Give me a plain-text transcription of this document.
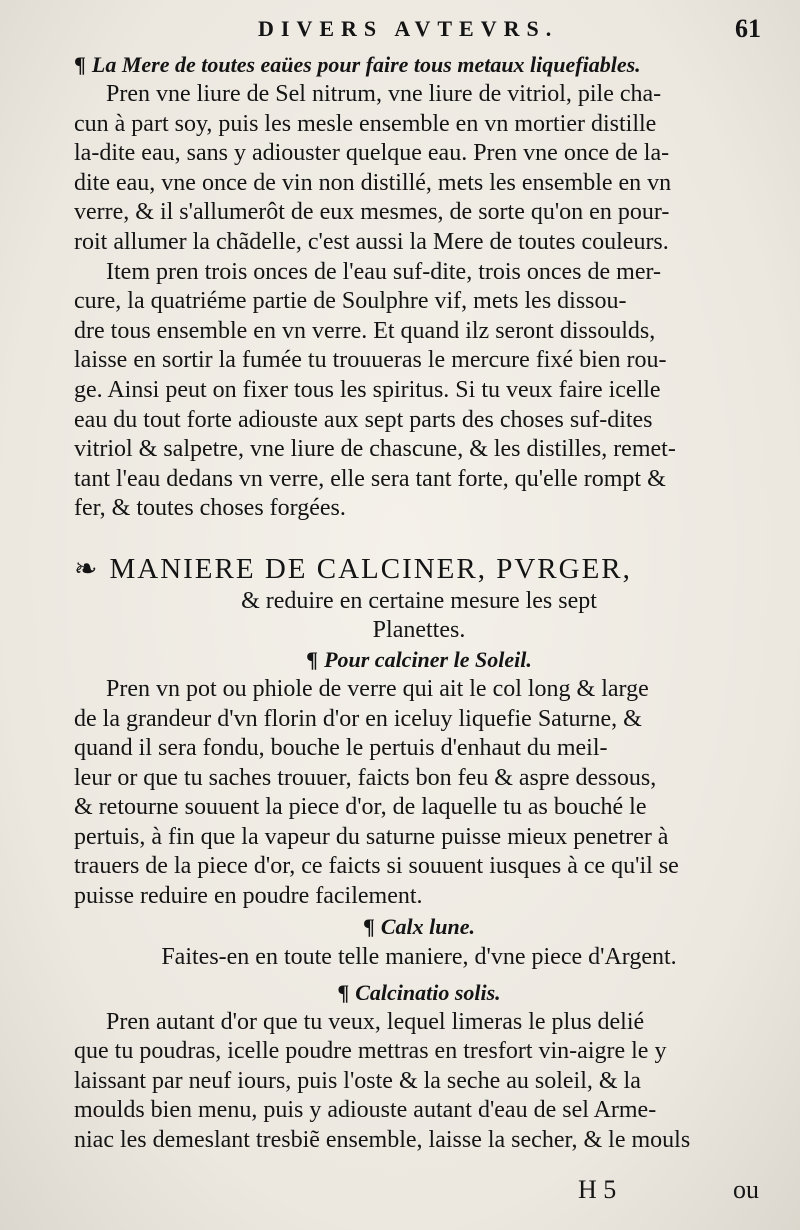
DIVERS AVTEVRS.	61
¶ La Mere de toutes eaües pour faire tous metaux liquefiables.

Pren vne liure de Sel nitrum, vne liure de vitriol, pile cha-

cun à part soy, puis les mesle ensemble en vn mortier distille

la-dite eau, sans y adiouster quelque eau. Pren vne once de la-

dite eau, vne once de vin non distillé, mets les ensemble en vn

verre, & il s'allumerôt de eux mesmes, de sorte qu'on en pour-

roit allumer la chãdelle, c'est aussi la Mere de toutes couleurs.

Item pren trois onces de l'eau suf-dite, trois onces de mer-

cure, la quatriéme partie de Soulphre vif, mets les dissou-

dre tous ensemble en vn verre. Et quand ilz seront dissoulds,

laisse en sortir la fumée tu trouueras le mercure fixé bien rou-

ge. Ainsi peut on fixer tous les spiritus. Si tu veux faire icelle

eau du tout forte adiouste aux sept parts des choses suf-dites

vitriol & salpetre, vne liure de chascune, & les distilles, remet-

tant l'eau dedans vn verre, elle sera tant forte, qu'elle rompt &

fer, & toutes choses forgées.

❧ MANIERE DE CALCINER, PVRGER,
& reduire en certaine mesure les sept
Planettes.
¶ Pour calciner le Soleil.

Pren vn pot ou phiole de verre qui ait le col long & large

de la grandeur d'vn florin d'or en iceluy liquefie Saturne, &

quand il sera fondu, bouche le pertuis d'enhaut du meil-

leur or que tu saches trouuer, faicts bon feu & aspre dessous,

& retourne souuent la piece d'or, de laquelle tu as bouché le

pertuis, à fin que la vapeur du saturne puisse mieux penetrer à

trauers de la piece d'or, ce faicts si souuent iusques à ce qu'il se

puisse reduire en poudre facilement.

¶ Calx lune.
Faites-en en toute telle maniere, d'vne piece d'Argent.
¶ Calcinatio solis.

Pren autant d'or que tu veux, lequel limeras le plus delié

que tu poudras, icelle poudre mettras en tresfort vin-aigre le y

laissant par neuf iours, puis l'oste & la seche au soleil, & la

moulds bien menu, puis y adiouste autant d'eau de sel Arme-

niac les demeslant tresbiẽ ensemble, laisse la secher, & le mouls

H 5	ou
